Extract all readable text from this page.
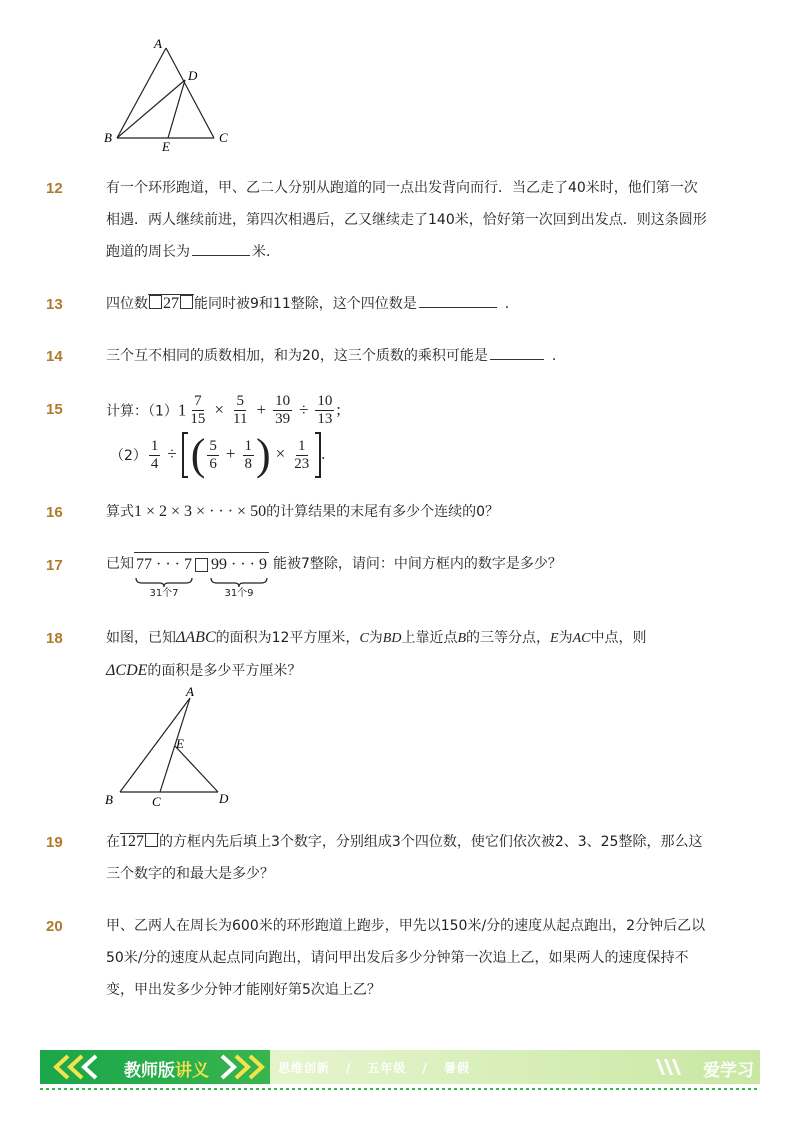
A
D
B
E
C
12	有一个环形跑道，甲、乙二人分别从跑道的同一点出发背向而行．当乙走了40米时，他们第一次
相遇．两人继续前进，第四次相遇后，乙又继续走了140米，恰好第一次回到出发点．则这条圆形
跑道的周长为	米．
13	四位数 27 能同时被9和11整除，这个四位数是	.
14	三个互不相同的质数相加，和为20，这三个质数的乘积可能是	.
15	计算：$(1)1 \frac{7}{15} \times \frac{5}{11} + \frac{10}{39} \div \frac{10}{13}$ ;
$(2) \frac{1}{4}$ ÷ ( $\frac{5}{6} + \frac{1}{8}$ ) × $\frac{1}{23}$ .
16	算式1 × 2 × 3 × · · · × 50的计算结果的末尾有多少个连续的0？
17	已知 77 · · · 7
31个7
99 · · · 9
31个9
能被7整除，请问：中间方框内的数字是多少？
18	如图，已知ΔABC的面积为12平方厘米，C为BD上靠近点B的三等分点，E为AC中点，则
ΔCDE的面积是多少平方厘米？
A
E
B	C	D
19	在127 的方框内先后填上3个数字，分别组成3个四位数，使它们依次被2、3、25整除，那么这
三个数字的和最大是多少？
20	甲、乙两人在周长为600米的环形跑道上跑步，甲先以150米/分的速度从起点跑出，2分钟后乙以
50米/分的速度从起点同向跑出，请问甲出发后多少分钟第一次追上乙，如果两人的速度保持不
变，甲出发多少分钟才能刚好第5次追上乙？
教师版讲义	思维创新 / 五年级 / 暑假	爱学习
